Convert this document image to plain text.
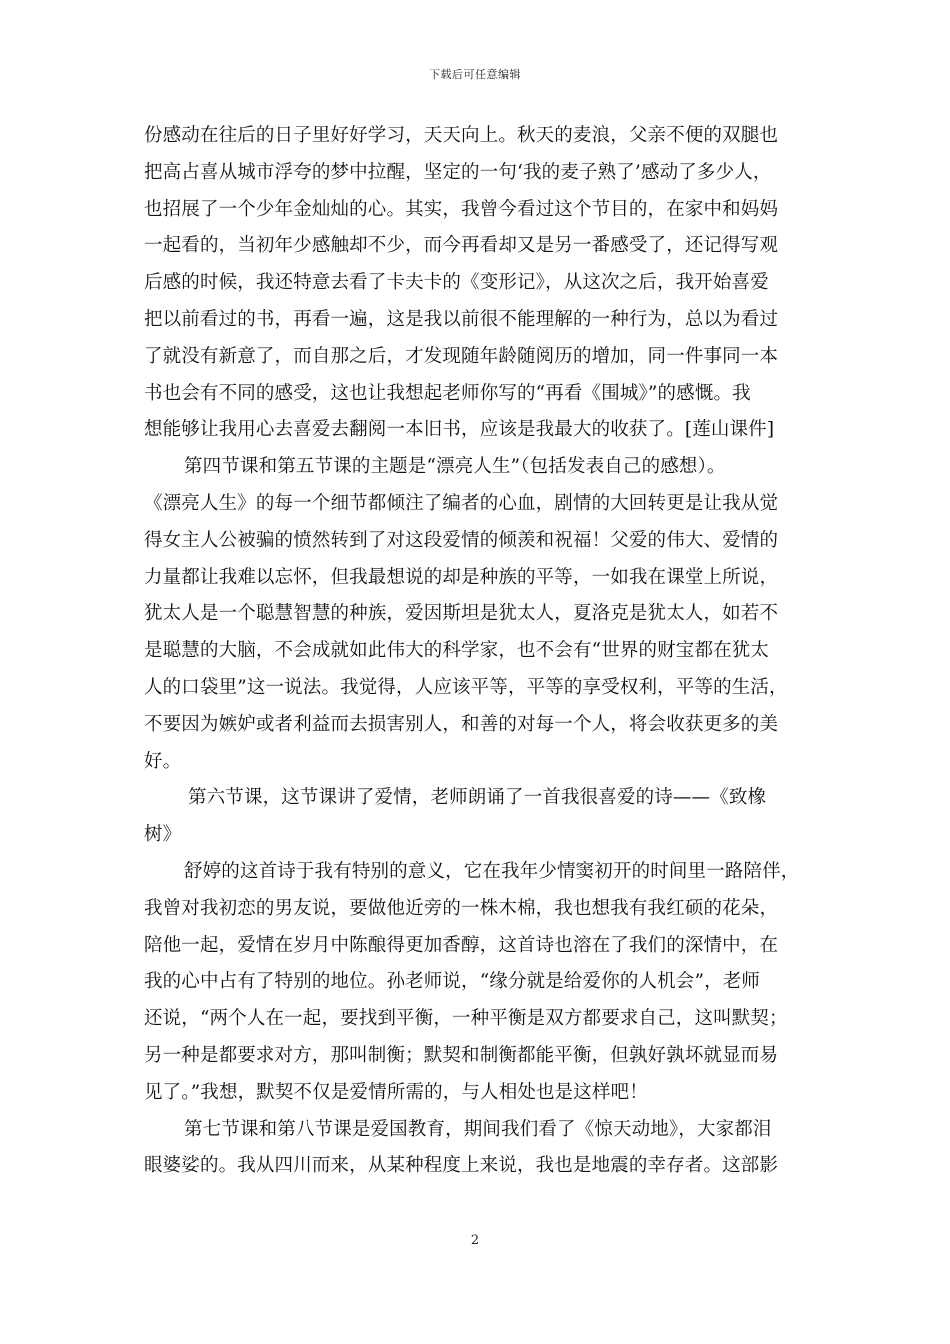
下载后可任意编辑
份感动在往后的日子里好好学习，天天向上。秋天的麦浪，父亲不便的双腿也
把高占喜从城市浮夸的梦中拉醒，坚定的一句‘我的麦子熟了’感动了多少人，
也招展了一个少年金灿灿的心。其实，我曾今看过这个节目的，在家中和妈妈
一起看的，当初年少感触却不少，而今再看却又是另一番感受了，还记得写观
后感的时候，我还特意去看了卡夫卡的《变形记》，从这次之后，我开始喜爱
把以前看过的书，再看一遍，这是我以前很不能理解的一种行为，总以为看过
了就没有新意了，而自那之后，才发现随年龄随阅历的增加，同一件事同一本
书也会有不同的感受，这也让我想起老师你写的“再看《围城》”的感慨。我
想能够让我用心去喜爱去翻阅一本旧书，应该是我最大的收获了。[莲山课件]
第四节课和第五节课的主题是“漂亮人生”（包括发表自己的感想）。
《漂亮人生》的每一个细节都倾注了编者的心血，剧情的大回转更是让我从觉
得女主人公被骗的愤然转到了对这段爱情的倾羡和祝福！父爱的伟大、爱情的
力量都让我难以忘怀，但我最想说的却是种族的平等，一如我在课堂上所说，
犹太人是一个聪慧智慧的种族，爱因斯坦是犹太人，夏洛克是犹太人，如若不
是聪慧的大脑，不会成就如此伟大的科学家，也不会有“世界的财宝都在犹太
人的口袋里”这一说法。我觉得，人应该平等，平等的享受权利，平等的生活，
不要因为嫉妒或者利益而去损害别人，和善的对每一个人，将会收获更多的美
好。
第六节课，这节课讲了爱情，老师朗诵了一首我很喜爱的诗——《致橡
树》
舒婷的这首诗于我有特别的意义，它在我年少情窦初开的时间里一路陪伴，
我曾对我初恋的男友说，要做他近旁的一株木棉，我也想我有我红硕的花朵，
陪他一起，爱情在岁月中陈酿得更加香醇，这首诗也溶在了我们的深情中，在
我的心中占有了特别的地位。孙老师说，“缘分就是给爱你的人机会”，老师
还说，“两个人在一起，要找到平衡，一种平衡是双方都要求自己，这叫默契；
另一种是都要求对方，那叫制衡；默契和制衡都能平衡，但孰好孰坏就显而易
见了。”我想，默契不仅是爱情所需的，与人相处也是这样吧！
第七节课和第八节课是爱国教育，期间我们看了《惊天动地》，大家都泪
眼婆娑的。我从四川而来，从某种程度上来说，我也是地震的幸存者。这部影
2
